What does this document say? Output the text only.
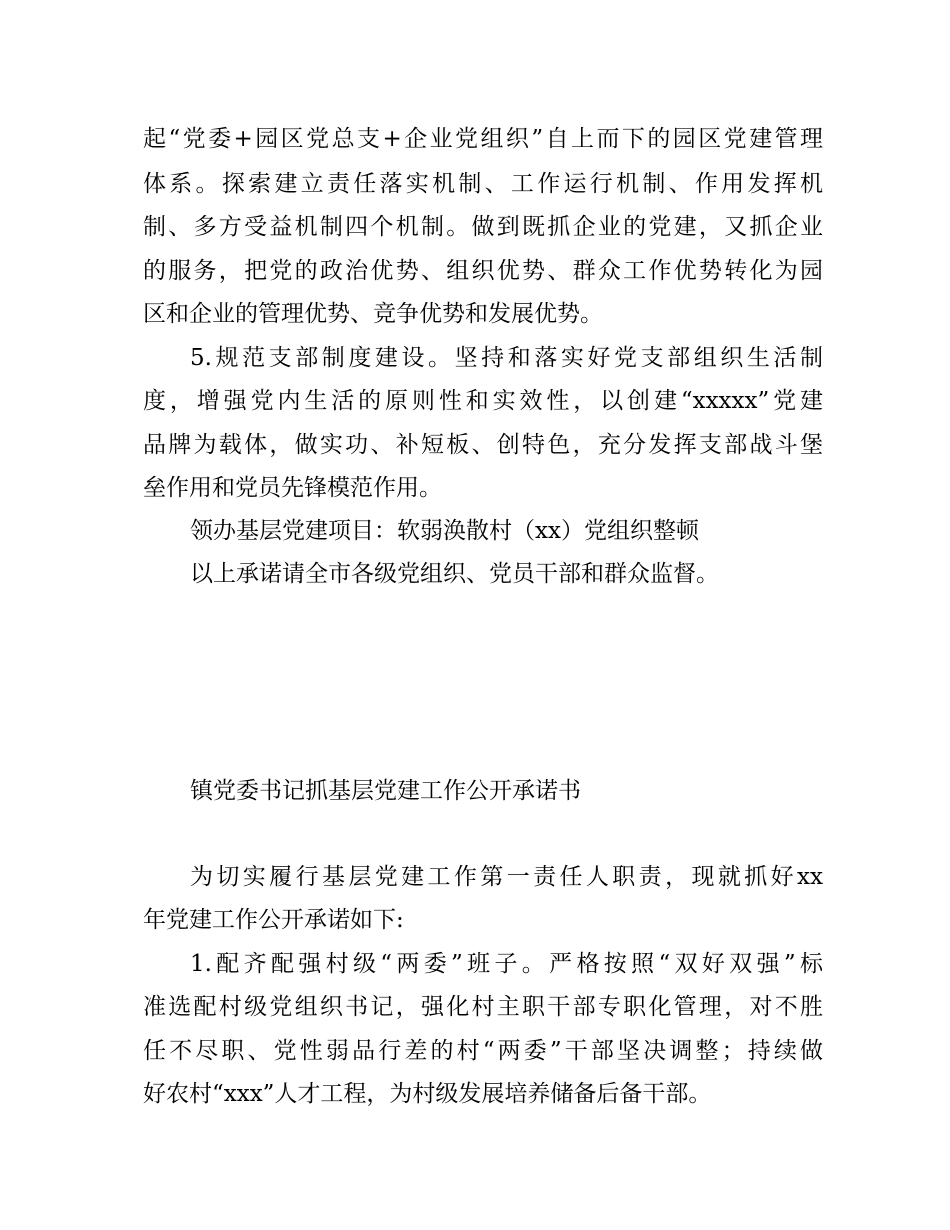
起“党委+园区党总支+企业党组织”自上而下的园区党建管理
体系。探索建立责任落实机制、工作运行机制、作用发挥机
制、多方受益机制四个机制。做到既抓企业的党建，又抓企业
的服务，把党的政治优势、组织优势、群众工作优势转化为园
区和企业的管理优势、竞争优势和发展优势。
5.规范支部制度建设。坚持和落实好党支部组织生活制
度，增强党内生活的原则性和实效性，以创建“xxxxx”党建
品牌为载体，做实功、补短板、创特色，充分发挥支部战斗堡
垒作用和党员先锋模范作用。
领办基层党建项目：软弱涣散村（xx）党组织整顿
以上承诺请全市各级党组织、党员干部和群众监督。
镇党委书记抓基层党建工作公开承诺书
为切实履行基层党建工作第一责任人职责，现就抓好xx
年党建工作公开承诺如下:
1.配齐配强村级“两委”班子。严格按照“双好双强”标
准选配村级党组织书记，强化村主职干部专职化管理，对不胜
任不尽职、党性弱品行差的村“两委”干部坚决调整；持续做
好农村“xxx”人才工程，为村级发展培养储备后备干部。
